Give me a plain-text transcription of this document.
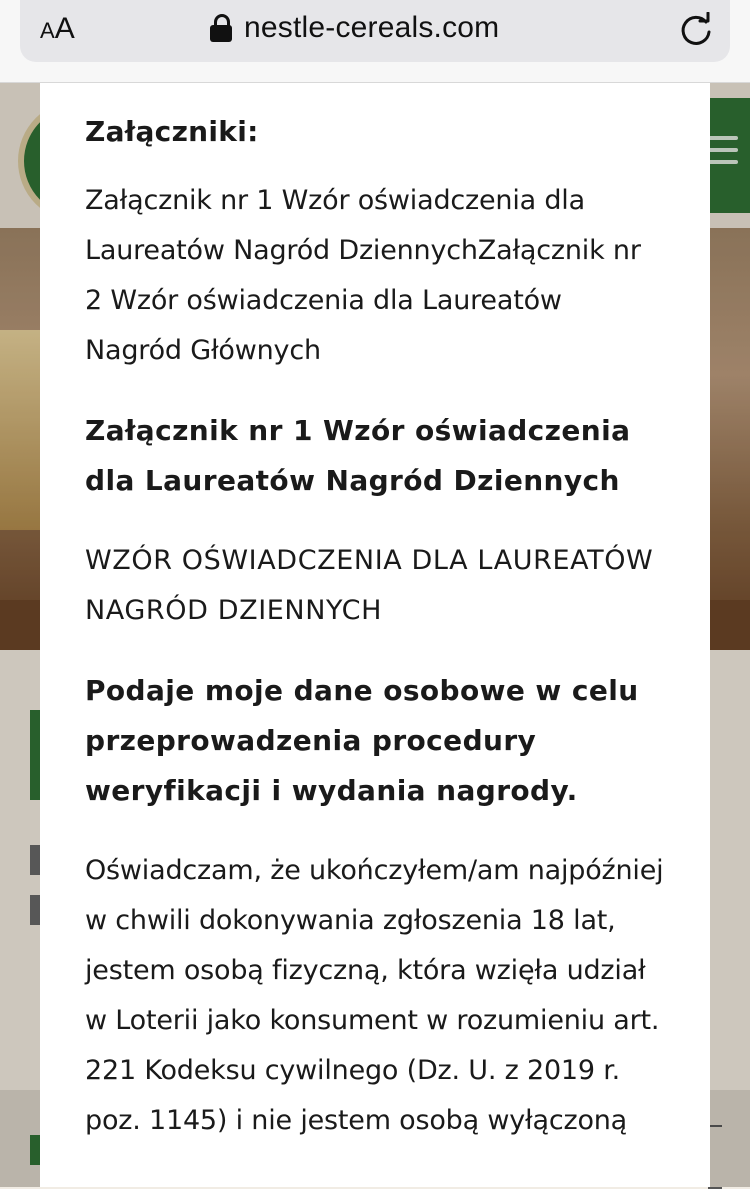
AA	nestle-cereals.com
Załączniki:

Załącznik nr 1 Wzór oświadczenia dla Laureatów Nagród DziennychZałącznik nr 2 Wzór oświadczenia dla Laureatów Nagród Głównych

Załącznik nr 1 Wzór oświadczenia dla Laureatów Nagród Dziennych
WZÓR OŚWIADCZENIA DLA LAUREATÓW NAGRÓD DZIENNYCH
Podaje moje dane osobowe w celu przeprowadzenia procedury weryfikacji i wydania nagrody.

Oświadczam, że ukończyłem/am najpóźniej w chwili dokonywania zgłoszenia 18 lat, jestem osobą fizyczną, która wzięła udział w Loterii jako konsument w rozumieniu art. 221 Kodeksu cywilnego (Dz. U. z 2019 r. poz. 1145) i nie jestem osobą wyłączoną
